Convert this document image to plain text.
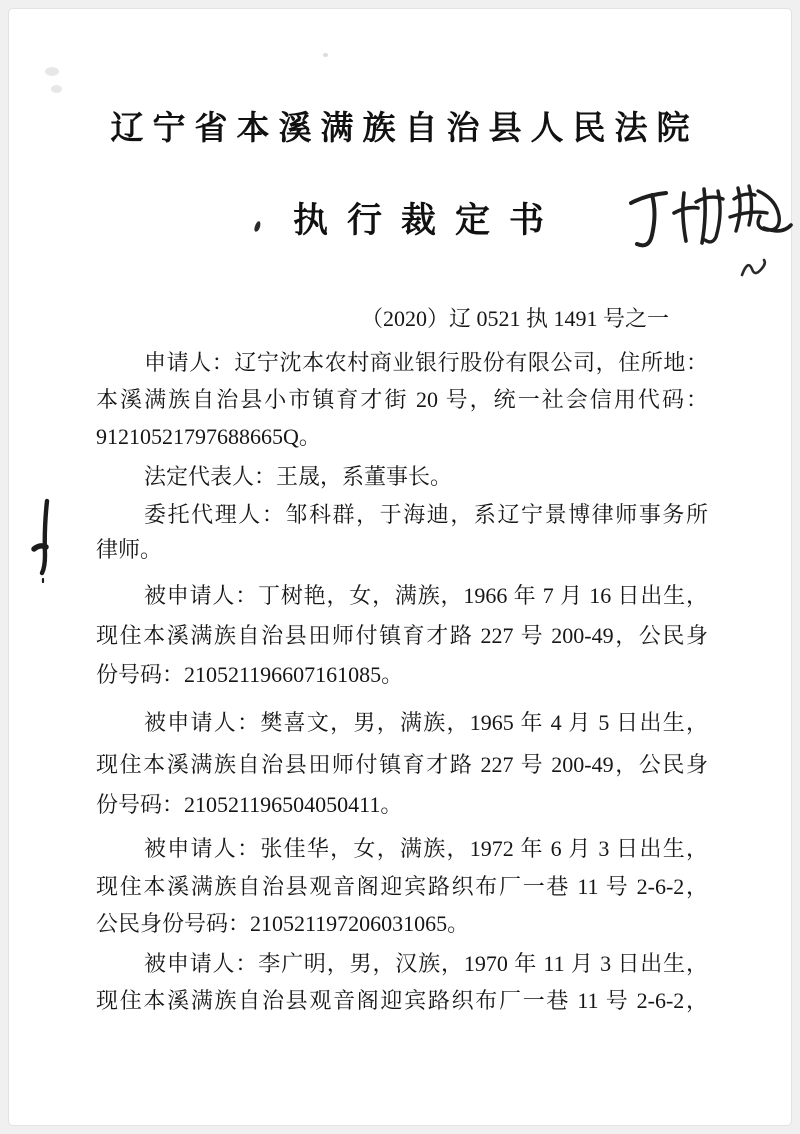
辽宁省本溪满族自治县人民法院
执行裁定书
（2020）辽 0521 执 1491 号之一
申请人：辽宁沈本农村商业银行股份有限公司，住所地：
本溪满族自治县小市镇育才街 20 号，统一社会信用代码：
91210521797688665Q。
法定代表人：王晟，系董事长。
委托代理人：邹科群，于海迪，系辽宁景博律师事务所
律师。
被申请人：丁树艳，女，满族，1966 年 7 月 16 日出生，
现住本溪满族自治县田师付镇育才路 227 号 200-49，公民身
份号码：210521196607161085。
被申请人：樊喜文，男，满族，1965 年 4 月 5 日出生，
现住本溪满族自治县田师付镇育才路 227 号 200-49，公民身
份号码：210521196504050411。
被申请人：张佳华，女，满族，1972 年 6 月 3 日出生，
现住本溪满族自治县观音阁迎宾路织布厂一巷 11 号 2-6-2，
公民身份号码：210521197206031065。
被申请人：李广明，男，汉族，1970 年 11 月 3 日出生，
现住本溪满族自治县观音阁迎宾路织布厂一巷 11 号 2-6-2，
